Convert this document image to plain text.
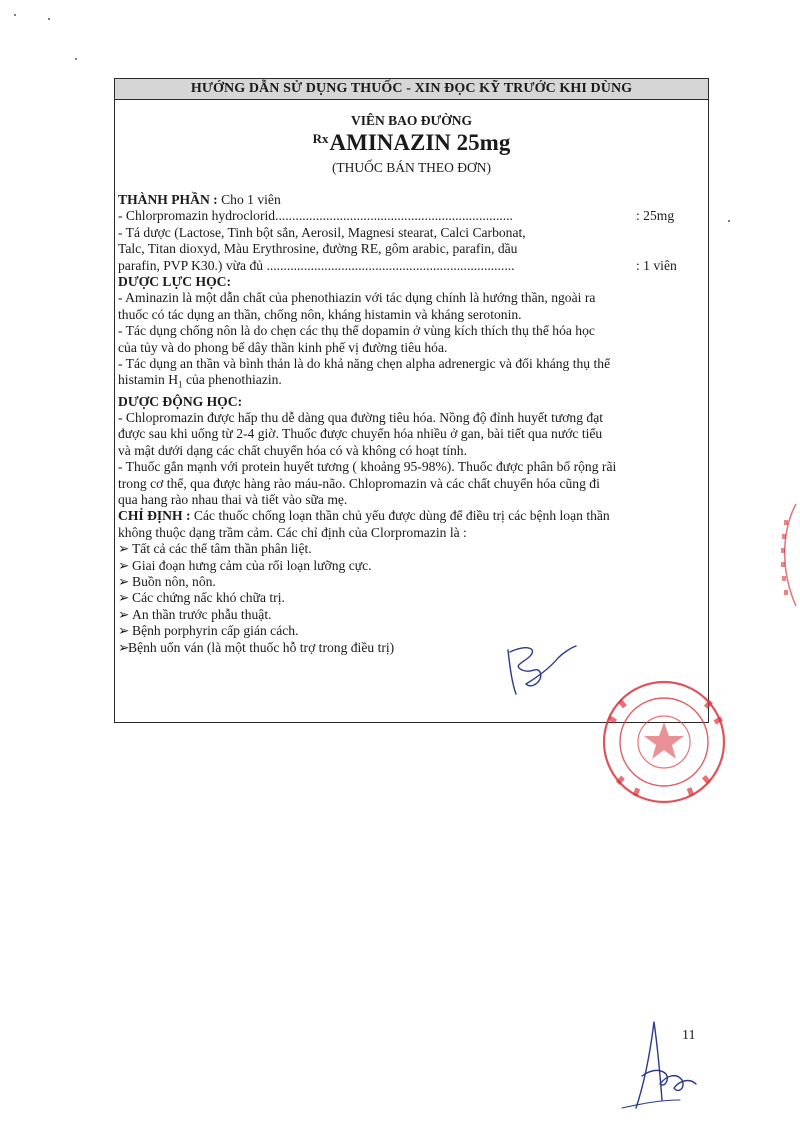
HƯỚNG DẪN SỬ DỤNG THUỐC - XIN ĐỌC KỸ TRƯỚC KHI DÙNG
VIÊN BAO ĐƯỜNG
$^{Rx}$AMINAZIN 25mg
(THUỐC BÁN THEO ĐƠN)
THÀNH PHẦN : Cho 1 viên
- Chlorpromazin hydroclorid......................................................................	: 25mg
- Tá dược (Lactose, Tinh bột sắn, Aerosil, Magnesi stearat, Calci Carbonat,
Talc, Titan dioxyd, Màu Erythrosine, đường RE, gôm arabic, parafin, dầu
parafin, PVP K30.) vừa đủ .........................................................................	: 1 viên
DƯỢC LỰC HỌC:
- Aminazin là một dẫn chất của phenothiazin với tác dụng chính là hướng thần, ngoài ra
thuốc có tác dụng an thần, chống nôn, kháng histamin và kháng serotonin.
- Tác dụng chống nôn là do chẹn các thụ thể dopamin ở vùng kích thích thụ thể hóa học
của tủy và do phong bế dây thần kinh phế vị đường tiêu hóa.
- Tác dụng an thần và bình thản là do khả năng chẹn alpha adrenergic và đối kháng thụ thể
histamin $H_1$ của phenothiazin.
DƯỢC ĐỘNG HỌC:
- Chlopromazin được hấp thu dễ dàng qua đường tiêu hóa. Nồng độ đỉnh huyết tương đạt
được sau khi uống từ 2-4 giờ. Thuốc được chuyển hóa nhiều ở gan, bài tiết qua nước tiểu
và mật dưới dạng các chất chuyển hóa có và không có hoạt tính.
- Thuốc gắn mạnh với protein huyết tương ( khoảng 95-98%). Thuốc được phân bố rộng rãi
trong cơ thể, qua được hàng rào máu-não. Chlopromazin và các chất chuyển hóa cũng đi
qua hang rào nhau thai và tiết vào sữa mẹ.
CHỈ ĐỊNH : Các thuốc chống loạn thần chủ yếu được dùng để điều trị các bệnh loạn thần
không thuộc dạng trầm cảm. Các chỉ định của Clorpromazin là :
➢ Tất cả các thể tâm thần phân liệt.
➢ Giai đoạn hưng cảm của rối loạn lưỡng cực.
➢ Buồn nôn, nôn.
➢ Các chứng nấc khó chữa trị.
➢ An thần trước phẫu thuật.
➢ Bệnh porphyrin cấp gián cách.
➢Bệnh uốn ván (là một thuốc hỗ trợ trong điều trị)
11
